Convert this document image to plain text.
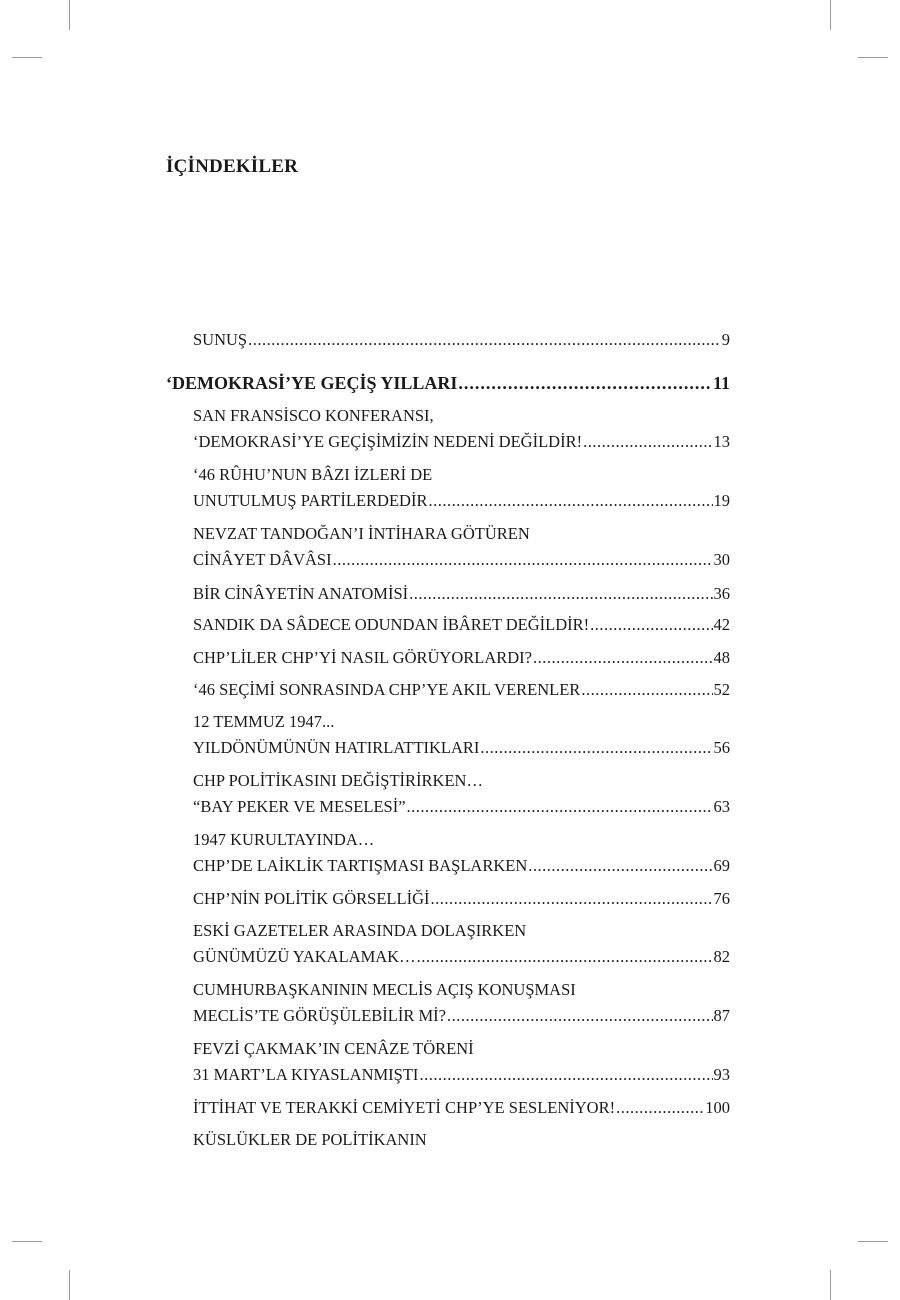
İÇİNDEKİLER
SUNUŞ .....	9
‘DEMOKRASİ’YE GEÇİŞ YILLARI .....	11
SAN FRANSİSCO KONFERANSI,
‘DEMOKRASİ’YE GEÇİŞİMİZİN NEDENİ DEĞİLDİR! .....	13
‘46 RÛHU’NUN BÂZI İZLERİ DE
UNUTULMUŞ PARTİLERDEDİR .....	19
NEVZAT TANDOĞAN’I İNTİHARA GÖTÜREN
CİNÂYET DÂVÂSI .....	30
BİR CİNÂYETİN ANATOMİSİ .....	36
SANDIK DA SÂDECE ODUNDAN İBÂRET DEĞİLDİR! .....	42
CHP’LİLER CHP’Yİ NASIL GÖRÜYORLARDI? .....	48
‘46 SEÇİMİ SONRASINDA CHP’YE AKIL VERENLER .....	52
12 TEMMUZ 1947...
YILDÖNÜMÜNÜN HATIRLATTIKLARI .....	56
CHP POLİTİKASINI DEĞİŞTİRİRKEN…
“BAY PEKER VE MESELESİ” .....	63
1947 KURULTAYINDA…
CHP’DE LAİKLİK TARTIŞMASI BAŞLARKEN .....	69
CHP’NİN POLİTİK GÖRSELLİĞİ .....	76
ESKİ GAZETELER ARASINDA DOLAŞIRKEN
GÜNÜMÜZÜ YAKALAMAK… .....	82
CUMHURBAŞKANININ MECLİS AÇIŞ KONUŞMASI
MECLİS’TE GÖRÜŞÜLEBİLİR Mİ? .....	87
FEVZİ ÇAKMAK’IN CENÂZE TÖRENİ
31 MART’LA KIYASLANMIŞTI .....	93
İTTİHAT VE TERAKKİ CEMİYETİ CHP’YE SESLENİYOR! .....	100
KÜSLÜKLER DE POLİTİKANIN
